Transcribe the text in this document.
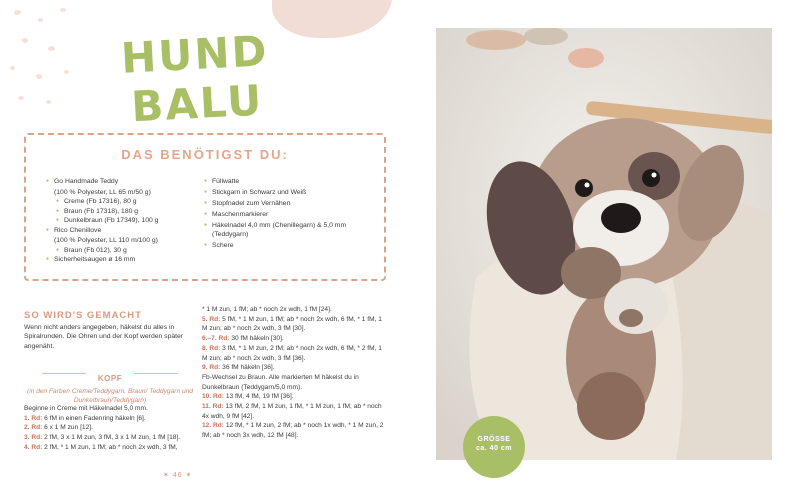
HUND BALU
DAS BENÖTIGST DU:
● Go Handmade Teddy
(100 % Polyester, LL 65 m/50 g)
● Creme (Fb 17316), 80 g
● Braun (Fb 17318), 180 g
● Dunkelbraun (Fb 17349), 100 g
● Rico Chenillove
(100 % Polyester, LL 110 m/100 g)
● Braun (Fb 012), 30 g
● Sicherheitsaugen ø 16 mm
● Füllwatte
● Stickgarn in Schwarz und Weiß
● Stopfnadel zum Vernähen
● Maschenmarkierer
● Häkelnadel 4,0 mm (Chenillegarn) & 5,0 mm (Teddygarn)
● Schere
SO WIRD'S GEMACHT
Wenn nicht anders angegeben, häkelst du alles in Spiralrunden. Die Ohren und der Kopf werden später angenäht.
KOPF
(in den Farben Creme/Teddygarn, Braun/ Teddygarn und Dunkelbraun/Teddygarn)
Beginne in Creme mit Häkelnadel 5,0 mm.
1. Rd: 6 fM in einen Fadenring häkeln [6].
2. Rd: 6 x 1 M zun [12].
3. Rd: 2 fM, 3 x 1 M zun, 3 fM, 3 x 1 M zun, 1 fM [18].
4. Rd: 2 fM, * 1 M zun, 1 fM; ab * noch 2x wdh, 3 fM,
* 1 M zun, 1 fM; ab * noch 2x wdh, 1 fM [24].
5. Rd: 5 fM, * 1 M zun, 1 fM; ab * noch 2x wdh, 6 fM, * 1 fM, 1 M zun; ab * noch 2x wdh, 3 fM [30].
6.–7. Rd: 30 fM häkeln [30].
8. Rd: 3 fM, * 1 M zun, 2 fM; ab * noch 2x wdh, 6 fM, * 2 fM, 1 M zun; ab * noch 2x wdh, 3 fM [36].
9. Rd: 36 fM häkeln [36].
Fb-Wechsel zu Braun. Alle markierten M häkelst du in Dunkelbraun (Teddygarn/5,0 mm).
10. Rd: 13 fM, 4 fM, 19 fM [36].
11. Rd: 13 fM, 2 fM, 1 M zun, 1 fM, * 1 M zun, 1 fM; ab * noch 4x wdh, 9 fM [42].
12. Rd: 12 fM, * 1 M zun, 2 fM; ab * noch 1x wdh, * 1 M zun, 2 fM; ab * noch 3x wdh, 12 fM [48].
✶ 46 ✶
GRÖSSE
ca. 40 cm
